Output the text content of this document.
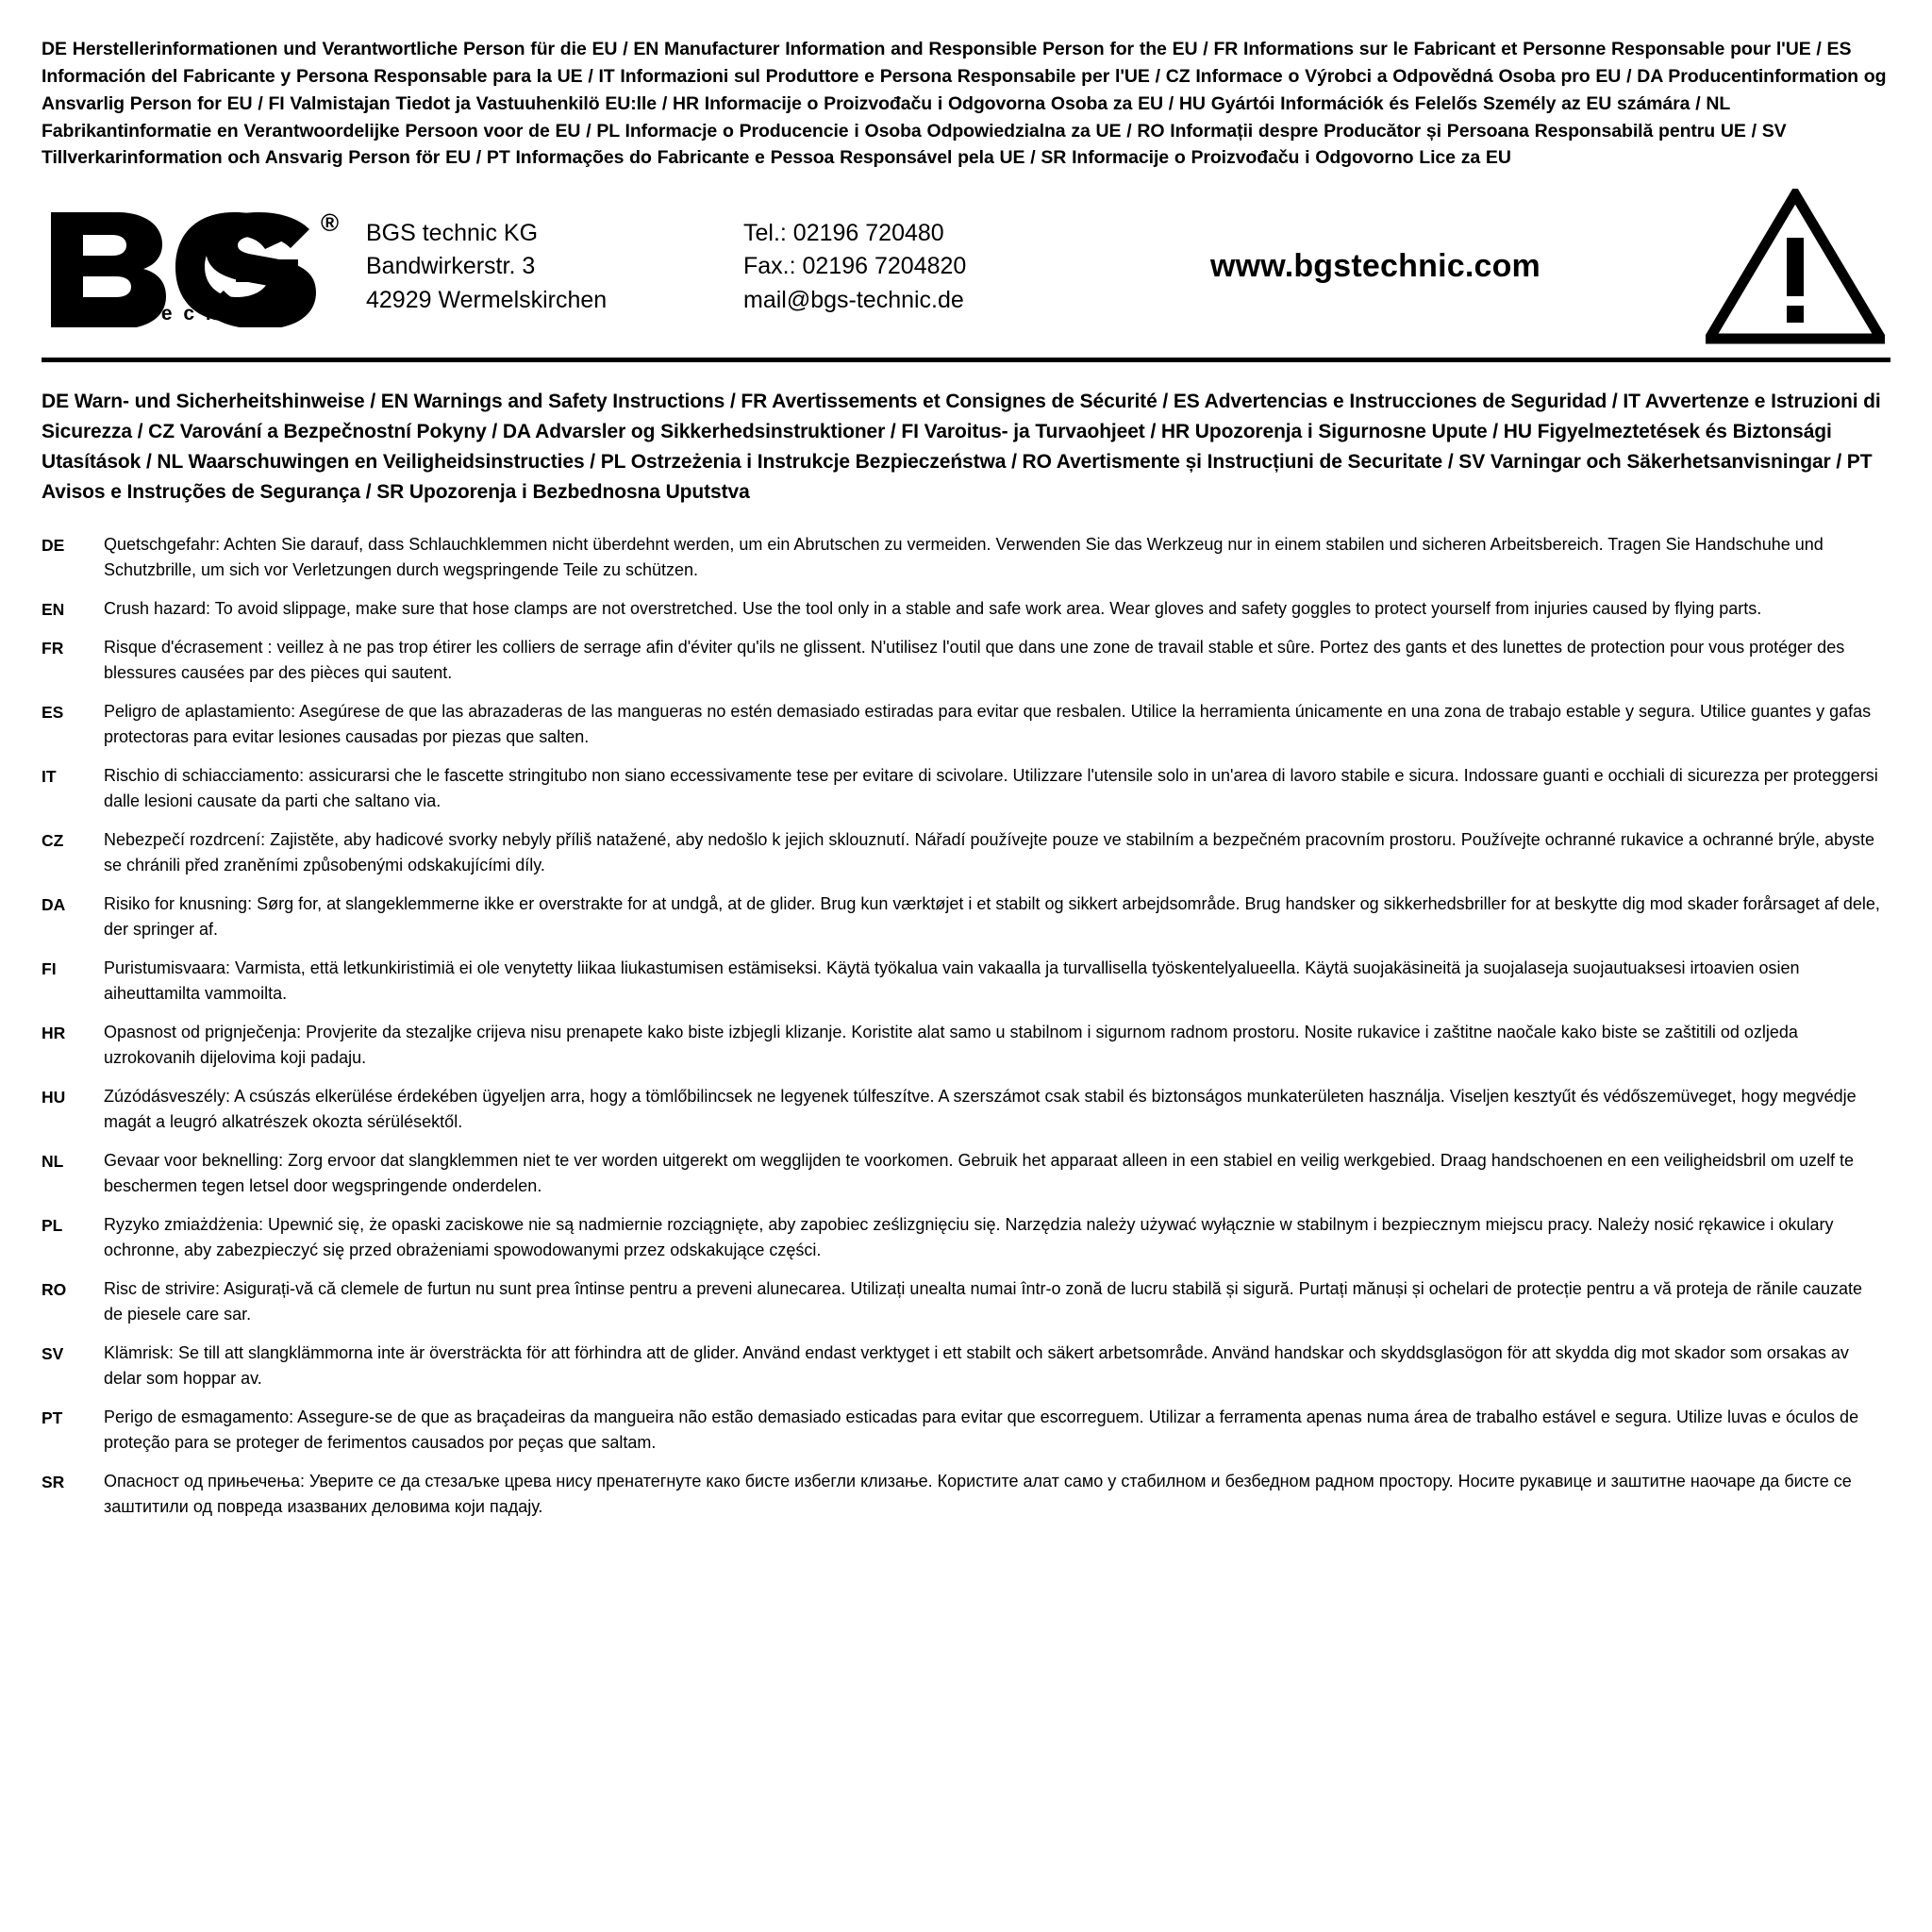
DE Herstellerinformationen und Verantwortliche Person für die EU / EN Manufacturer Information and Responsible Person for the EU / FR Informations sur le Fabricant et Personne Responsable pour l'UE / ES Información del Fabricante y Persona Responsable para la UE / IT Informazioni sul Produttore e Persona Responsabile per l'UE / CZ Informace o Výrobci a Odpovědná Osoba pro EU / DA Producentinformation og Ansvarlig Person for EU / FI Valmistajan Tiedot ja Vastuuhenkilö EU:lle / HR Informacije o Proizvođaču i Odgovorna Osoba za EU / HU Gyártói Információk és Felelős Személy az EU számára / NL Fabrikantinformatie en Verantwoordelijke Persoon voor de EU / PL Informacje o Producencie i Osoba Odpowiedzialna za UE / RO Informații despre Producător și Persoana Responsabilă pentru UE / SV Tillverkarinformation och Ansvarig Person för EU / PT Informações do Fabricante e Pessoa Responsável pela UE / SR Informacije o Proizvođaču i Odgovorno Lice za EU
®
t e c h n i c
BGS technic KG
Bandwirkerstr. 3
42929 Wermelskirchen
Tel.: 02196 720480
Fax.: 02196 7204820
mail@bgs-technic.de
www.bgstechnic.com
DE Warn- und Sicherheitshinweise / EN Warnings and Safety Instructions / FR Avertissements et Consignes de Sécurité / ES Advertencias e Instrucciones de Seguridad / IT Avvertenze e Istruzioni di Sicurezza / CZ Varování a Bezpečnostní Pokyny / DA Advarsler og Sikkerhedsinstruktioner / FI Varoitus- ja Turvaohjeet / HR Upozorenja i Sigurnosne Upute / HU Figyelmeztetések és Biztonsági Utasítások / NL Waarschuwingen en Veiligheidsinstructies / PL Ostrzeżenia i Instrukcje Bezpieczeństwa / RO Avertismente și Instrucțiuni de Securitate / SV Varningar och Säkerhetsanvisningar / PT Avisos e Instruções de Segurança / SR Upozorenja i Bezbednosna Uputstva
DE	Quetschgefahr: Achten Sie darauf, dass Schlauchklemmen nicht überdehnt werden, um ein Abrutschen zu vermeiden. Verwenden Sie das Werkzeug nur in einem stabilen und sicheren Arbeitsbereich. Tragen Sie Handschuhe und Schutzbrille, um sich vor Verletzungen durch wegspringende Teile zu schützen.
EN	Crush hazard: To avoid slippage, make sure that hose clamps are not overstretched. Use the tool only in a stable and safe work area. Wear gloves and safety goggles to protect yourself from injuries caused by flying parts.
FR	Risque d'écrasement : veillez à ne pas trop étirer les colliers de serrage afin d'éviter qu'ils ne glissent. N'utilisez l'outil que dans une zone de travail stable et sûre. Portez des gants et des lunettes de protection pour vous protéger des blessures causées par des pièces qui sautent.
ES	Peligro de aplastamiento: Asegúrese de que las abrazaderas de las mangueras no estén demasiado estiradas para evitar que resbalen. Utilice la herramienta únicamente en una zona de trabajo estable y segura. Utilice guantes y gafas protectoras para evitar lesiones causadas por piezas que salten.
IT	Rischio di schiacciamento: assicurarsi che le fascette stringitubo non siano eccessivamente tese per evitare di scivolare. Utilizzare l'utensile solo in un'area di lavoro stabile e sicura. Indossare guanti e occhiali di sicurezza per proteggersi dalle lesioni causate da parti che saltano via.
CZ	Nebezpečí rozdrcení: Zajistěte, aby hadicové svorky nebyly příliš natažené, aby nedošlo k jejich sklouznutí. Nářadí používejte pouze ve stabilním a bezpečném pracovním prostoru. Používejte ochranné rukavice a ochranné brýle, abyste se chránili před zraněními způsobenými odskakujícími díly.
DA	Risiko for knusning: Sørg for, at slangeklemmerne ikke er overstrakte for at undgå, at de glider. Brug kun værktøjet i et stabilt og sikkert arbejdsområde. Brug handsker og sikkerhedsbriller for at beskytte dig mod skader forårsaget af dele, der springer af.
FI	Puristumisvaara: Varmista, että letkunkiristimiä ei ole venytetty liikaa liukastumisen estämiseksi. Käytä työkalua vain vakaalla ja turvallisella työskentelyalueella. Käytä suojakäsineitä ja suojalaseja suojautuaksesi irtoavien osien aiheuttamilta vammoilta.
HR	Opasnost od prignječenja: Provjerite da stezaljke crijeva nisu prenapete kako biste izbjegli klizanje. Koristite alat samo u stabilnom i sigurnom radnom prostoru. Nosite rukavice i zaštitne naočale kako biste se zaštitili od ozljeda uzrokovanih dijelovima koji padaju.
HU	Zúzódásveszély: A csúszás elkerülése érdekében ügyeljen arra, hogy a tömlőbilincsek ne legyenek túlfeszítve. A szerszámot csak stabil és biztonságos munkaterületen használja. Viseljen kesztyűt és védőszemüveget, hogy megvédje magát a leugró alkatrészek okozta sérülésektől.
NL	Gevaar voor beknelling: Zorg ervoor dat slangklemmen niet te ver worden uitgerekt om wegglijden te voorkomen. Gebruik het apparaat alleen in een stabiel en veilig werkgebied. Draag handschoenen en een veiligheidsbril om uzelf te beschermen tegen letsel door wegspringende onderdelen.
PL	Ryzyko zmiażdżenia: Upewnić się, że opaski zaciskowe nie są nadmiernie rozciągnięte, aby zapobiec ześlizgnięciu się. Narzędzia należy używać wyłącznie w stabilnym i bezpiecznym miejscu pracy. Należy nosić rękawice i okulary ochronne, aby zabezpieczyć się przed obrażeniami spowodowanymi przez odskakujące części.
RO	Risc de strivire: Asigurați-vă că clemele de furtun nu sunt prea întinse pentru a preveni alunecarea. Utilizați unealta numai într-o zonă de lucru stabilă și sigură. Purtați mănuși și ochelari de protecție pentru a vă proteja de rănile cauzate de piesele care sar.
SV	Klämrisk: Se till att slangklämmorna inte är översträckta för att förhindra att de glider. Använd endast verktyget i ett stabilt och säkert arbetsområde. Använd handskar och skyddsglasögon för att skydda dig mot skador som orsakas av delar som hoppar av.
PT	Perigo de esmagamento: Assegure-se de que as braçadeiras da mangueira não estão demasiado esticadas para evitar que escorreguem. Utilizar a ferramenta apenas numa área de trabalho estável e segura. Utilize luvas e óculos de proteção para se proteger de ferimentos causados por peças que saltam.
SR	Опасност од прињечења: Уверите се да стезаљке црева нису пренатегнуте како бисте избегли клизање. Користите алат само у стабилном и безбедном радном простору. Носите рукавице и заштитне наочаре да бисте се заштитили од повреда изазваних деловима који падају.
